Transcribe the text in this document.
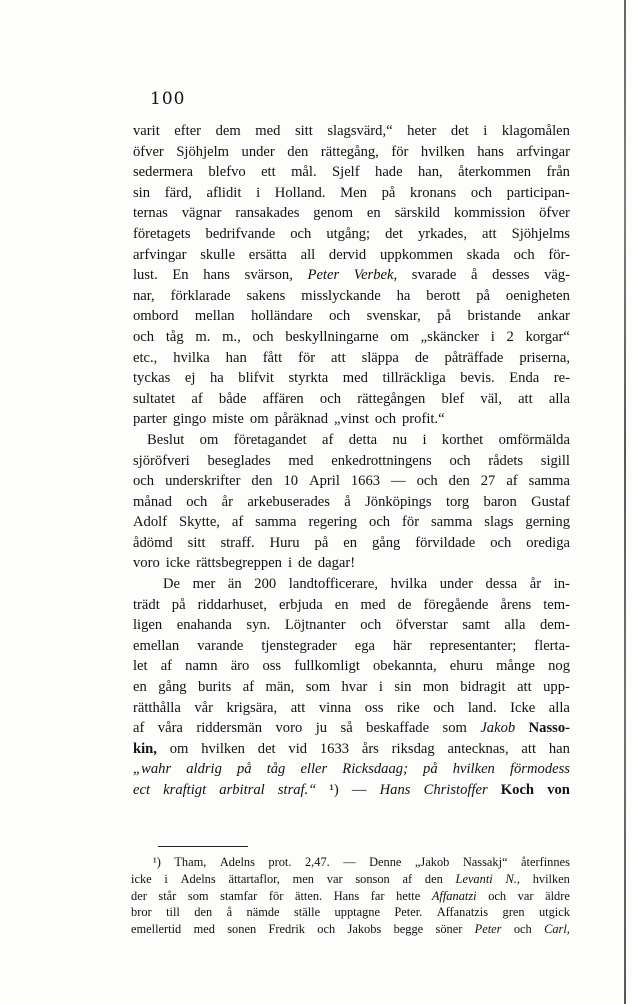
100
varit efter dem med sitt slagsvärd,“ heter det i klagomålen
öfver Sjöhjelm under den rättegång, för hvilken hans arfvingar
sedermera blefvo ett mål. Sjelf hade han, återkommen från
sin färd, aflidit i Holland. Men på kronans och participan-
ternas vägnar ransakades genom en särskild kommission öfver
företagets bedrifvande och utgång; det yrkades, att Sjöhjelms
arfvingar skulle ersätta all dervid uppkommen skada och för-
lust. En hans svärson, Peter Verbek, svarade å desses väg-
nar, förklarade sakens misslyckande ha berott på oenigheten
ombord mellan holländare och svenskar, på bristande ankar
och tåg m. m., och beskyllningarne om „skäncker i 2 korgar“
etc., hvilka han fått för att släppa de påträffade priserna,
tyckas ej ha blifvit styrkta med tillräckliga bevis. Enda re-
sultatet af både affären och rättegången blef väl, att alla
parter gingo miste om påräknad „vinst och profit.“
Beslut om företagandet af detta nu i korthet omförmälda
sjöröfveri beseglades med enkedrottningens och rådets sigill
och underskrifter den 10 April 1663 — och den 27 af samma
månad och år arkebuserades å Jönköpings torg baron Gustaf
Adolf Skytte, af samma regering och för samma slags gerning
ådömd sitt straff. Huru på en gång förvildade och orediga
voro icke rättsbegreppen i de dagar!
De mer än 200 landtofficerare, hvilka under dessa år in-
trädt på riddarhuset, erbjuda en med de föregående årens tem-
ligen enahanda syn. Löjtnanter och öfverstar samt alla dem-
emellan varande tjenstegrader ega här representanter; flerta-
let af namn äro oss fullkomligt obekannta, ehuru månge nog
en gång burits af män, som hvar i sin mon bidragit att upp-
rätthålla vår krigsära, att vinna oss rike och land. Icke alla
af våra riddersmän voro ju så beskaffade som Jakob Nasso-
kin, om hvilken det vid 1633 års riksdag antecknas, att han
„wahr aldrig på tåg eller Ricksdaag; på hvilken förmodess
ect kraftigt arbitral straf.“ ¹) — Hans Christoffer Koch von
¹) Tham, Adelns prot. 2,47. — Denne „Jakob Nassakj“ återfinnes
icke i Adelns ättartaflor, men var sonson af den Levanti N., hvilken
der står som stamfar för ätten. Hans far hette Affanatzi och var äldre
bror till den å nämde ställe upptagne Peter. Affanatzis gren utgick
emellertid med sonen Fredrik och Jakobs begge söner Peter och Carl,
